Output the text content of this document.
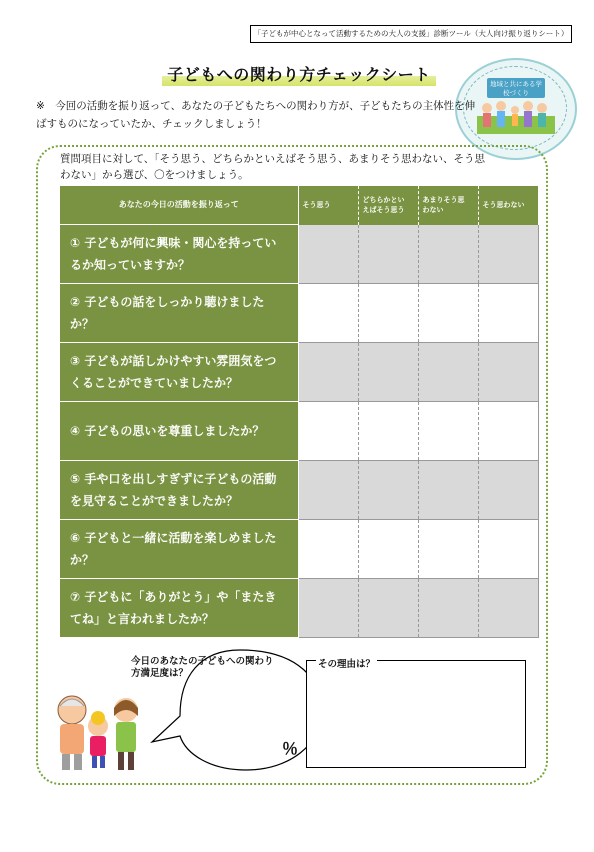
「子どもが中心となって活動するための大人の支援」診断ツール（大人向け振り返りシート）
子どもへの関わり方チェックシート	地域と共にある学校づくり
※　今回の活動を振り返って、あなたの子どもたちへの関わり方が、子どもたちの主体性を伸ばすものになっていたか、チェックしましょう！
質問項目に対して、「そう思う、どちらかといえばそう思う、あまりそう思わない、そう思わない」から選び、〇をつけましょう。
あなたの今日の活動を振り返って	そう思う	どちらかとい えばそう思う	あまりそう思 わない	そう思わない
① 子どもが何に興味・関心を持っているか知っていますか？				
② 子どもの話をしっかり聴けましたか？				
③ 子どもが話しかけやすい雰囲気をつくることができていましたか？				
④ 子どもの思いを尊重しましたか？				
⑤ 手や口を出しすぎずに子どもの活動を見守ることができましたか？				
⑥ 子どもと一緒に活動を楽しめましたか？				
⑦ 子どもに「ありがとう」や「またきてね」と言われましたか？				
今日のあなたの子どもへの関わり方満足度は？
％
その理由は？
